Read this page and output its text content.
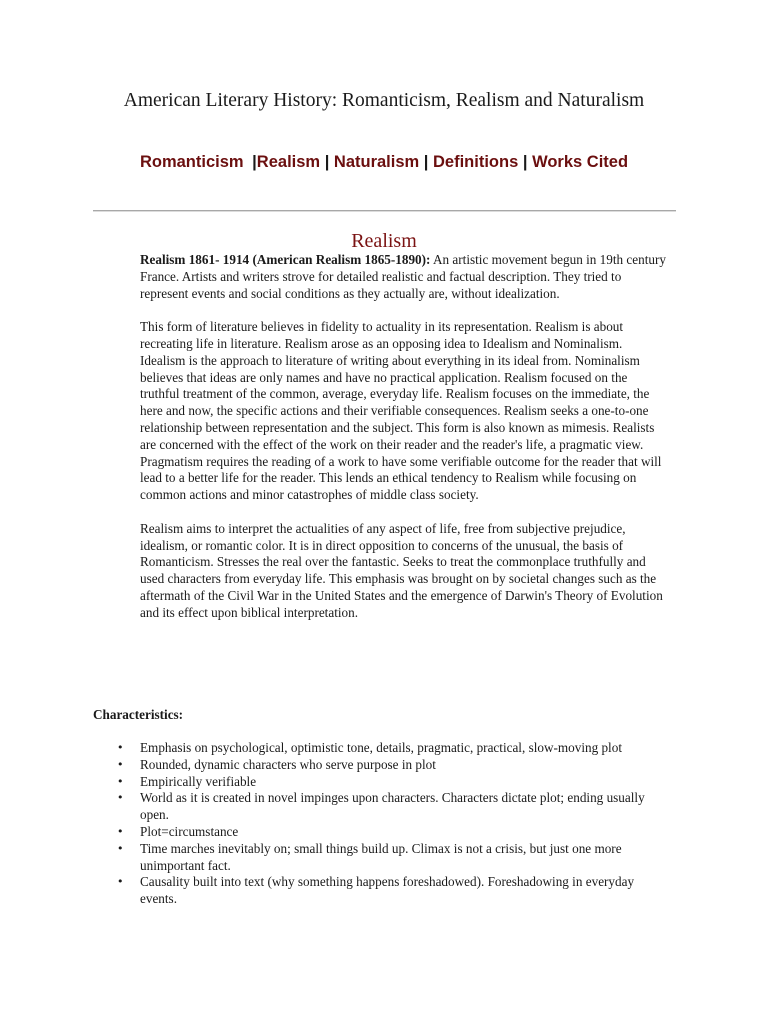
American Literary History: Romanticism, Realism and Naturalism
Romanticism |Realism | Naturalism | Definitions | Works Cited
Realism

Realism 1861- 1914 (American Realism 1865-1890): An artistic movement begun in 19th century France. Artists and writers strove for detailed realistic and factual description. They tried to represent events and social conditions as they actually are, without idealization.

This form of literature believes in fidelity to actuality in its representation. Realism is about recreating life in literature. Realism arose as an opposing idea to Idealism and Nominalism. Idealism is the approach to literature of writing about everything in its ideal from. Nominalism believes that ideas are only names and have no practical application. Realism focused on the truthful treatment of the common, average, everyday life. Realism focuses on the immediate, the here and now, the specific actions and their verifiable consequences. Realism seeks a one-to-one relationship between representation and the subject. This form is also known as mimesis. Realists are concerned with the effect of the work on their reader and the reader's life, a pragmatic view. Pragmatism requires the reading of a work to have some verifiable outcome for the reader that will lead to a better life for the reader. This lends an ethical tendency to Realism while focusing on common actions and minor catastrophes of middle class society.

Realism aims to interpret the actualities of any aspect of life, free from subjective prejudice, idealism, or romantic color. It is in direct opposition to concerns of the unusual, the basis of Romanticism. Stresses the real over the fantastic. Seeks to treat the commonplace truthfully and used characters from everyday life. This emphasis was brought on by societal changes such as the aftermath of the Civil War in the United States and the emergence of Darwin's Theory of Evolution and its effect upon biblical interpretation.

Characteristics:
• Emphasis on psychological, optimistic tone, details, pragmatic, practical, slow-moving plot
• Rounded, dynamic characters who serve purpose in plot
• Empirically verifiable
• World as it is created in novel impinges upon characters. Characters dictate plot; ending usually open.
• Plot=circumstance
• Time marches inevitably on; small things build up. Climax is not a crisis, but just one more unimportant fact.
• Causality built into text (why something happens foreshadowed). Foreshadowing in everyday events.
